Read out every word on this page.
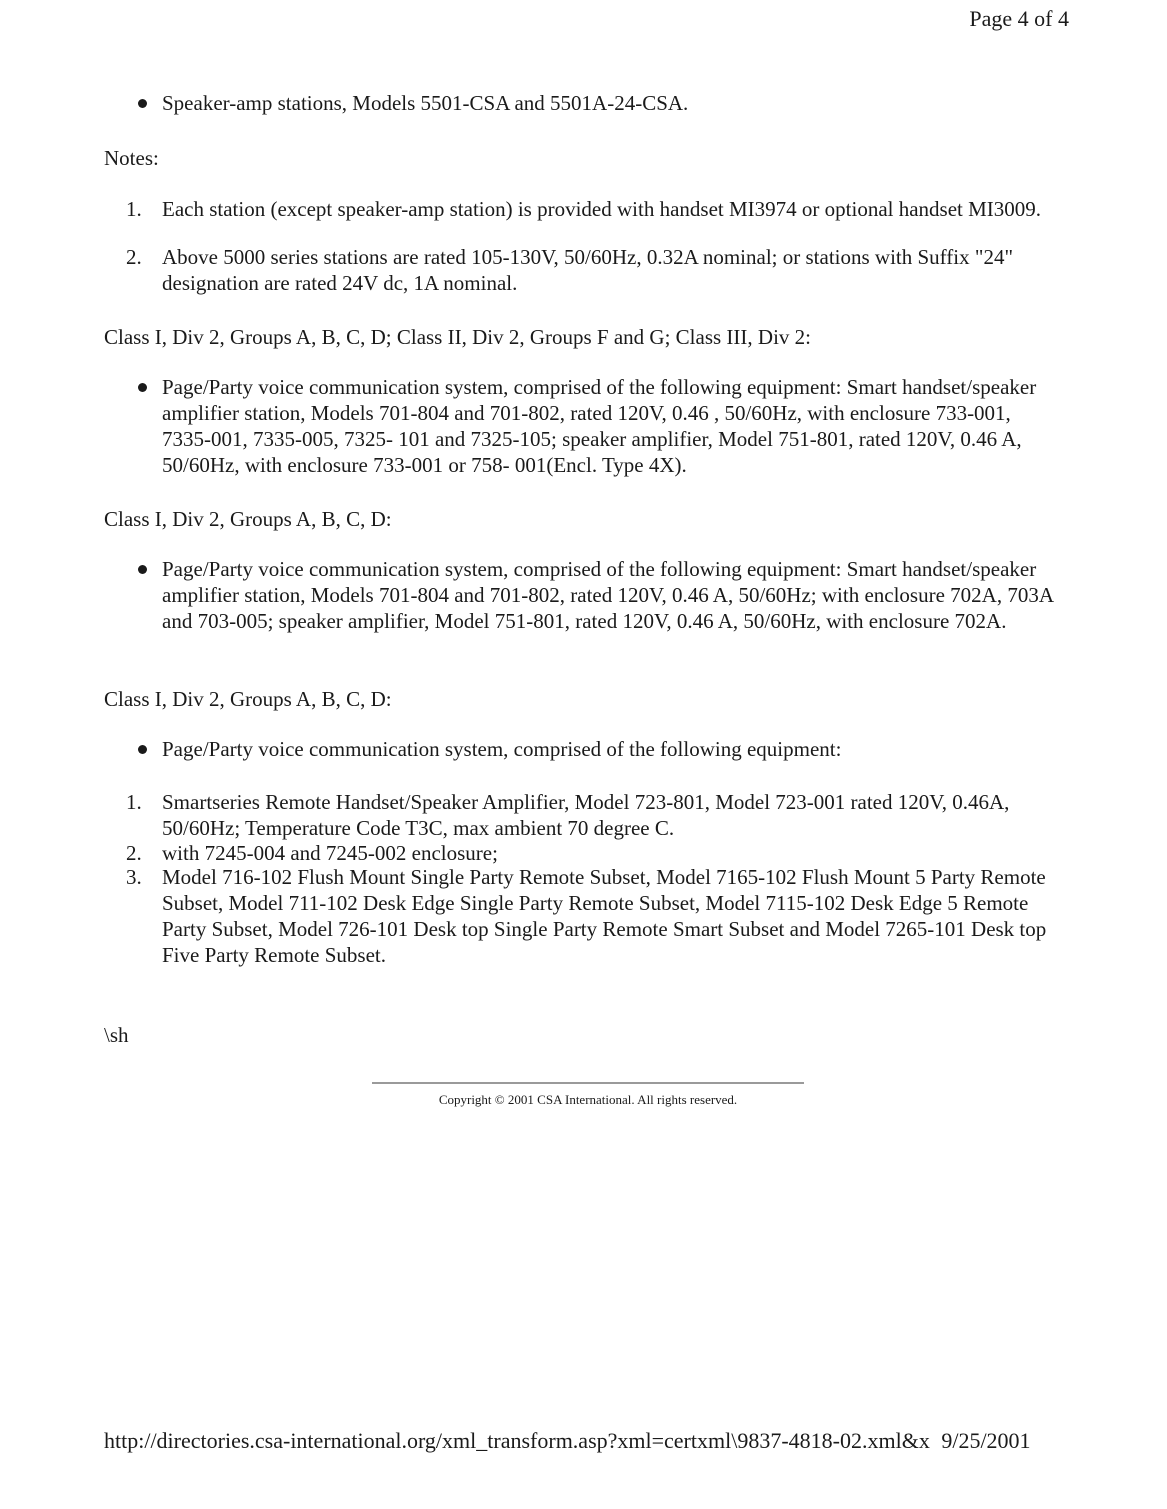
Page 4 of 4
Speaker-amp stations, Models 5501-CSA and 5501A-24-CSA.
Notes:
1. Each station (except speaker-amp station) is provided with handset MI3974 or optional handset MI3009.
2. Above 5000 series stations are rated 105-130V, 50/60Hz, 0.32A nominal; or stations with Suffix "24" designation are rated 24V dc, 1A nominal.
Class I, Div 2, Groups A, B, C, D; Class II, Div 2, Groups F and G; Class III, Div 2:
Page/Party voice communication system, comprised of the following equipment: Smart handset/speaker amplifier station, Models 701-804 and 701-802, rated 120V, 0.46 , 50/60Hz, with enclosure 733-001, 7335-001, 7335-005, 7325- 101 and 7325-105; speaker amplifier, Model 751-801, rated 120V, 0.46 A, 50/60Hz, with enclosure 733-001 or 758- 001(Encl. Type 4X).
Class I, Div 2, Groups A, B, C, D:
Page/Party voice communication system, comprised of the following equipment: Smart handset/speaker amplifier station, Models 701-804 and 701-802, rated 120V, 0.46 A, 50/60Hz; with enclosure 702A, 703A and 703-005; speaker amplifier, Model 751-801, rated 120V, 0.46 A, 50/60Hz, with enclosure 702A.
Class I, Div 2, Groups A, B, C, D:
Page/Party voice communication system, comprised of the following equipment:
1. Smartseries Remote Handset/Speaker Amplifier, Model 723-801, Model 723-001 rated 120V, 0.46A, 50/60Hz; Temperature Code T3C, max ambient 70 degree C.
2. with 7245-004 and 7245-002 enclosure;
3. Model 716-102 Flush Mount Single Party Remote Subset, Model 7165-102 Flush Mount 5 Party Remote Subset, Model 711-102 Desk Edge Single Party Remote Subset, Model 7115-102 Desk Edge 5 Remote Party Subset, Model 726-101 Desk top Single Party Remote Smart Subset and Model 7265-101 Desk top Five Party Remote Subset.
\sh
Copyright © 2001 CSA International. All rights reserved.
http://directories.csa-international.org/xml_transform.asp?xml=certxml\9837-4818-02.xml&x 9/25/2001
